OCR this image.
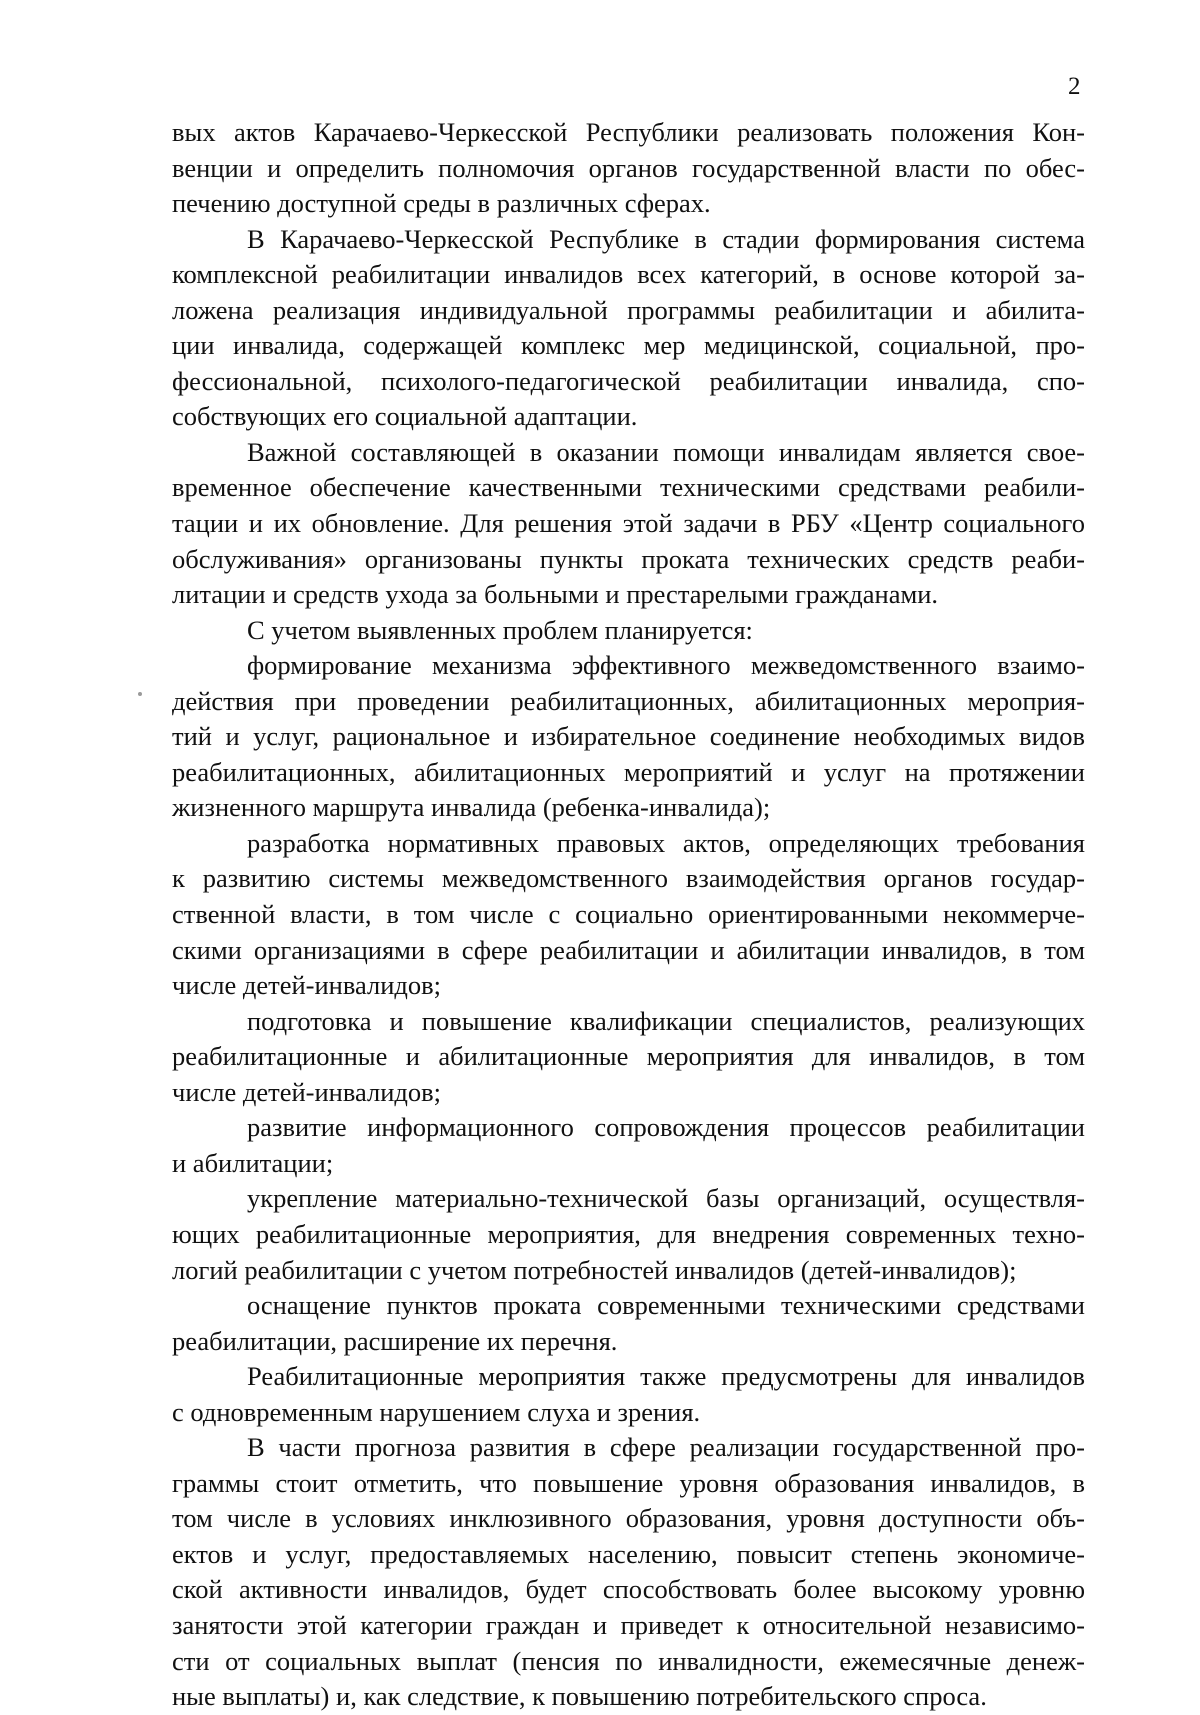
2
вых актов Карачаево-Черкесской Республики реализовать положения Кон-
венции и определить полномочия органов государственной власти по обес-
печению доступной среды в различных сферах.
В Карачаево-Черкесской Республике в стадии формирования система
комплексной реабилитации инвалидов всех категорий, в основе которой за-
ложена реализация индивидуальной программы реабилитации и абилита-
ции инвалида, содержащей комплекс мер медицинской, социальной, про-
фессиональной, психолого-педагогической реабилитации инвалида, спо-
собствующих его социальной адаптации.
Важной составляющей в оказании помощи инвалидам является свое-
временное обеспечение качественными техническими средствами реабили-
тации и их обновление. Для решения этой задачи в РБУ «Центр социального
обслуживания» организованы пункты проката технических средств реаби-
литации и средств ухода за больными и престарелыми гражданами.
С учетом выявленных проблем планируется:
формирование механизма эффективного межведомственного взаимо-
действия при проведении реабилитационных, абилитационных мероприя-
тий и услуг, рациональное и избирательное соединение необходимых видов
реабилитационных, абилитационных мероприятий и услуг на протяжении
жизненного маршрута инвалида (ребенка-инвалида);
разработка нормативных правовых актов, определяющих требования
к развитию системы межведомственного взаимодействия органов государ-
ственной власти, в том числе с социально ориентированными некоммерче-
скими организациями в сфере реабилитации и абилитации инвалидов, в том
числе детей-инвалидов;
подготовка и повышение квалификации специалистов, реализующих
реабилитационные и абилитационные мероприятия для инвалидов, в том
числе детей-инвалидов;
развитие информационного сопровождения процессов реабилитации
и абилитации;
укрепление материально-технической базы организаций, осуществля-
ющих реабилитационные мероприятия, для внедрения современных техно-
логий реабилитации с учетом потребностей инвалидов (детей-инвалидов);
оснащение пунктов проката современными техническими средствами
реабилитации, расширение их перечня.
Реабилитационные мероприятия также предусмотрены для инвалидов
с одновременным нарушением слуха и зрения.
В части прогноза развития в сфере реализации государственной про-
граммы стоит отметить, что повышение уровня образования инвалидов, в
том числе в условиях инклюзивного образования, уровня доступности объ-
ектов и услуг, предоставляемых населению, повысит степень экономиче-
ской активности инвалидов, будет способствовать более высокому уровню
занятости этой категории граждан и приведет к относительной независимо-
сти от социальных выплат (пенсия по инвалидности, ежемесячные денеж-
ные выплаты) и, как следствие, к повышению потребительского спроса.
